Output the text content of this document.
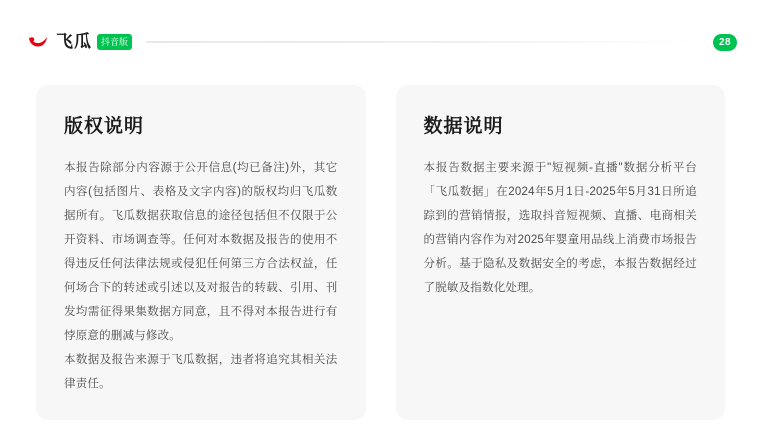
飞瓜	抖音版	28
版权说明

本报告除部分内容源于公开信息(均已备注)外，其它内容(包括图片、表格及文字内容)的版权均归飞瓜数据所有。飞瓜数据获取信息的途径包括但不仅限于公开资料、市场调查等。任何对本数据及报告的使用不得违反任何法律法规或侵犯任何第三方合法权益，任何场合下的转述或引述以及对报告的转载、引用、刊发均需征得果集数据方同意，且不得对本报告进行有悖原意的删减与修改。

本数据及报告来源于飞瓜数据，违者将追究其相关法律责任。

数据说明

本报告数据主要来源于"短视频-直播"数据分析平台「飞瓜数据」在2024年5月1日-2025年5月31日所追踪到的营销情报，选取抖音短视频、直播、电商相关的营销内容作为对2025年婴童用品线上消费市场报告分析。基于隐私及数据安全的考虑，本报告数据经过了脱敏及指数化处理。
